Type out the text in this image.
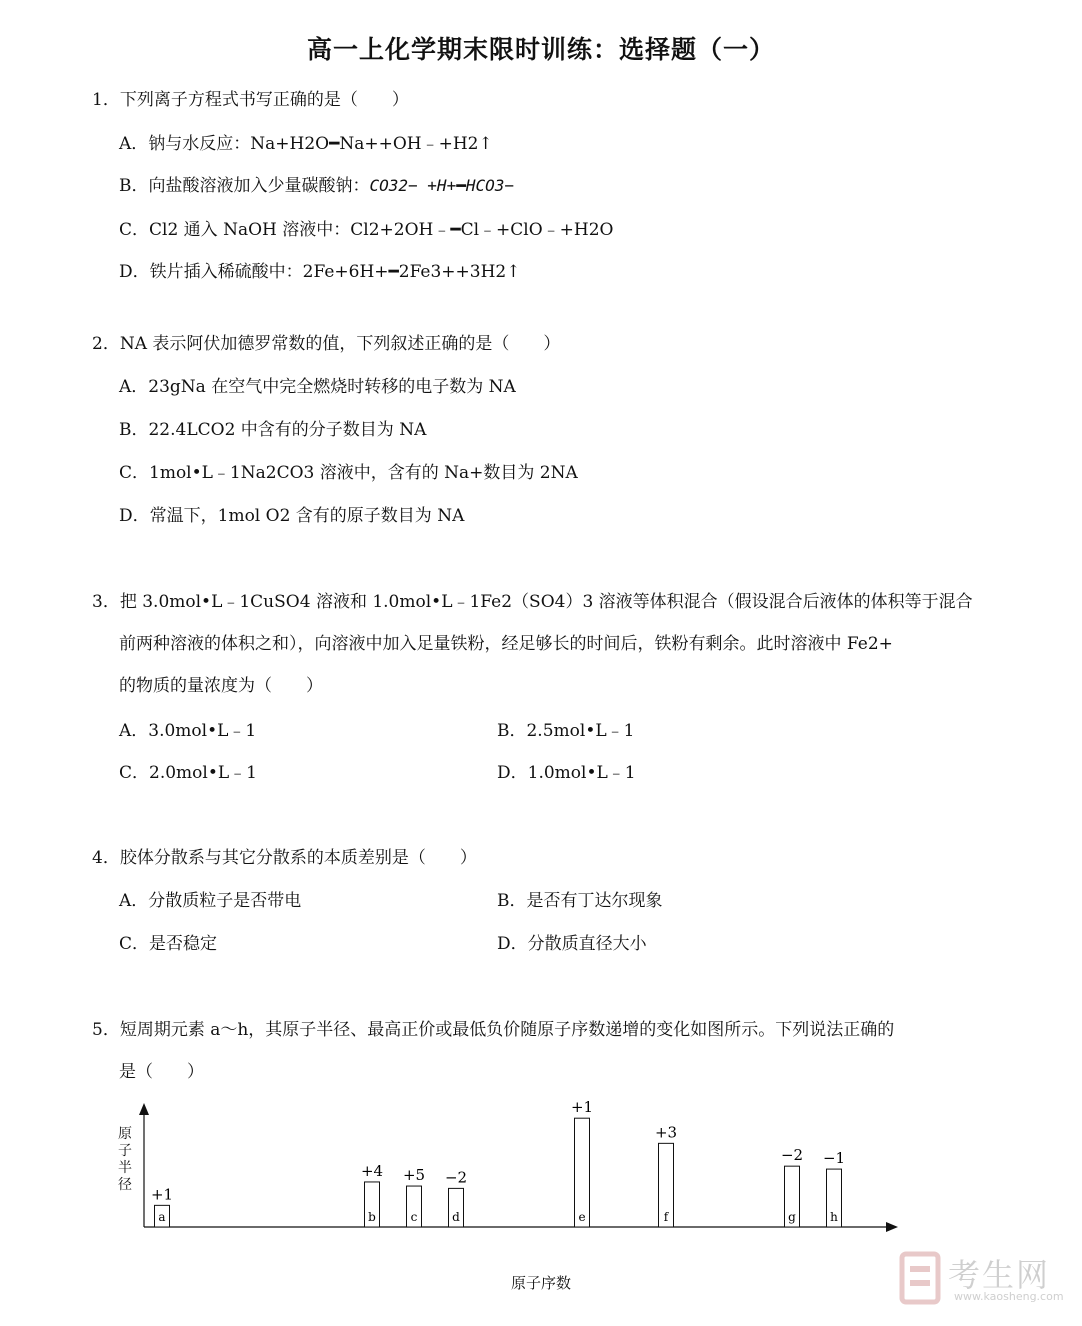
高一上化学期末限时训练：选择题（一）
1．下列离子方程式书写正确的是（　　）
A．钠与水反应：Na+H2O━Na++OH﹣+H2↑
B．向盐酸溶液加入少量碳酸钠：CO32− +H+━HCO3−
C．Cl2 通入 NaOH 溶液中：Cl2+2OH﹣━Cl﹣+ClO﹣+H2O
D．铁片插入稀硫酸中：2Fe+6H+━2Fe3++3H2↑
2．NA 表示阿伏加德罗常数的值，下列叙述正确的是（　　）
A．23gNa 在空气中完全燃烧时转移的电子数为 NA
B．22.4LCO2 中含有的分子数目为 NA
C．1mol•L﹣1Na2CO3 溶液中，含有的 Na+数目为 2NA
D．常温下，1mol O2 含有的原子数目为 NA
3．把 3.0mol•L﹣1CuSO4 溶液和 1.0mol•L﹣1Fe2（SO4）3 溶液等体积混合（假设混合后液体的体积等于混合
前两种溶液的体积之和），向溶液中加入足量铁粉，经足够长的时间后，铁粉有剩余。此时溶液中 Fe2+
的物质的量浓度为（　　）
A．3.0mol•L﹣1	B．2.5mol•L﹣1
C．2.0mol•L﹣1	D．1.0mol•L﹣1
4．胶体分散系与其它分散系的本质差别是（　　）
A．分散质粒子是否带电	B．是否有丁达尔现象
C．是否稳定	D．分散质直径大小
5．短周期元素 a～h，其原子半径、最高正价或最低负价随原子序数递增的变化如图所示。下列说法正确的
是（　　）
原子半径
a
+1
b
+4
c
+5
d
−2
e
+1
f
+3
g
−2
h
−1
原子序数	考生网
www.kaosheng.com
